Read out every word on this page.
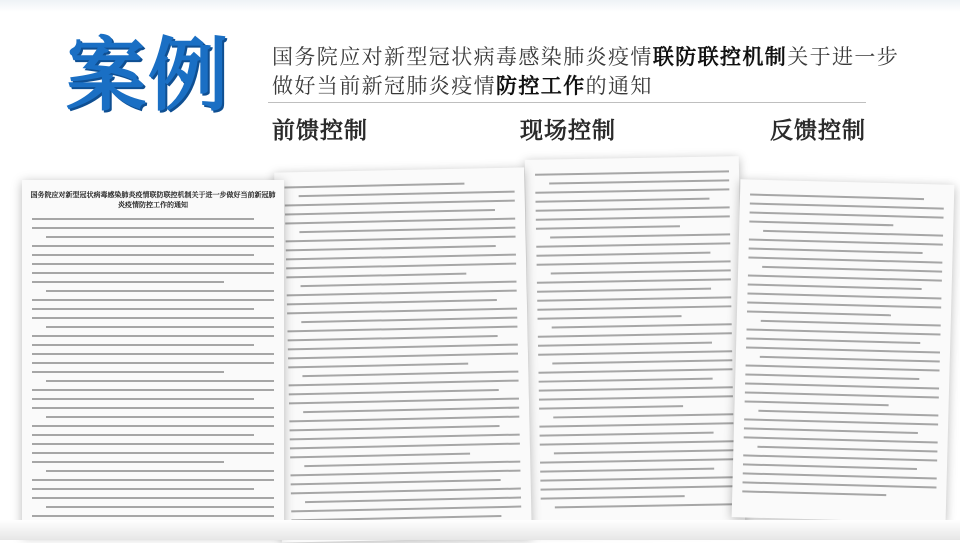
案例 国务院应对新型冠状病毒感染肺炎疫情联防联控机制关于进一步做好当前新冠肺炎疫情防控工作的通知
前馈控制	现场控制	反馈控制
国务院应对新型冠状病毒感染肺炎疫情联防联控机制关于进一步做好当前新冠肺炎疫情防控工作的通知
